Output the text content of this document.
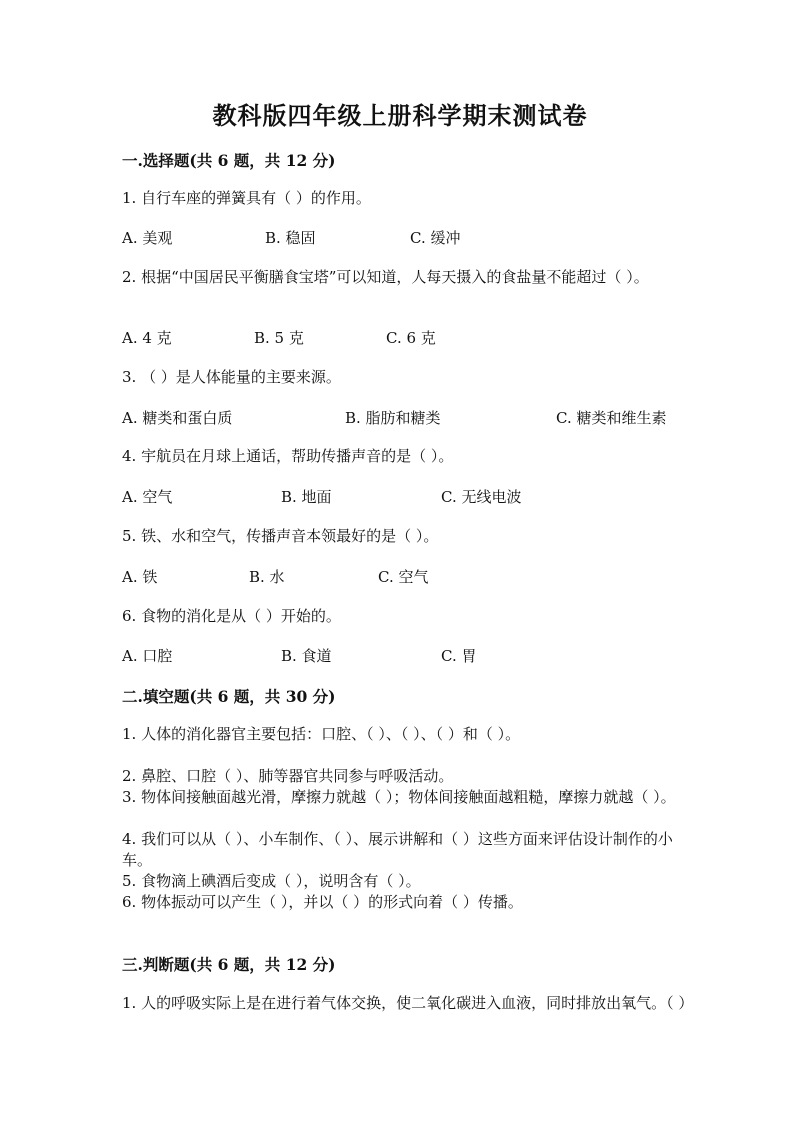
教科版四年级上册科学期末测试卷
一.选择题(共 6 题，共 12 分)
1. 自行车座的弹簧具有（ ）的作用。
A. 美观	B. 稳固	C. 缓冲
2. 根据“中国居民平衡膳食宝塔”可以知道，人每天摄入的食盐量不能超过（ ）。
A. 4 克	B. 5 克	C. 6 克
3. （ ）是人体能量的主要来源。
A. 糖类和蛋白质	B. 脂肪和糖类	C. 糖类和维生素
4. 宇航员在月球上通话，帮助传播声音的是（ ）。
A. 空气	B. 地面	C. 无线电波
5. 铁、水和空气，传播声音本领最好的是（ ）。
A. 铁	B. 水	C. 空气
6. 食物的消化是从（ ）开始的。
A. 口腔	B. 食道	C. 胃
二.填空题(共 6 题，共 30 分)
1. 人体的消化器官主要包括：口腔、（ ）、（ ）、（ ）和（ ）。
2. 鼻腔、口腔（ ）、肺等器官共同参与呼吸活动。
3. 物体间接触面越光滑，摩擦力就越（ ）；物体间接触面越粗糙，摩擦力就越（ ）。
4. 我们可以从（ ）、小车制作、（ ）、展示讲解和（ ）这些方面来评估设计制作的小车。
5. 食物滴上碘酒后变成（ ），说明含有（ ）。
6. 物体振动可以产生（ ），并以（ ）的形式向着（ ）传播。
三.判断题(共 6 题，共 12 分)
1. 人的呼吸实际上是在进行着气体交换，使二氧化碳进入血液，同时排放出氧气。（ ）
